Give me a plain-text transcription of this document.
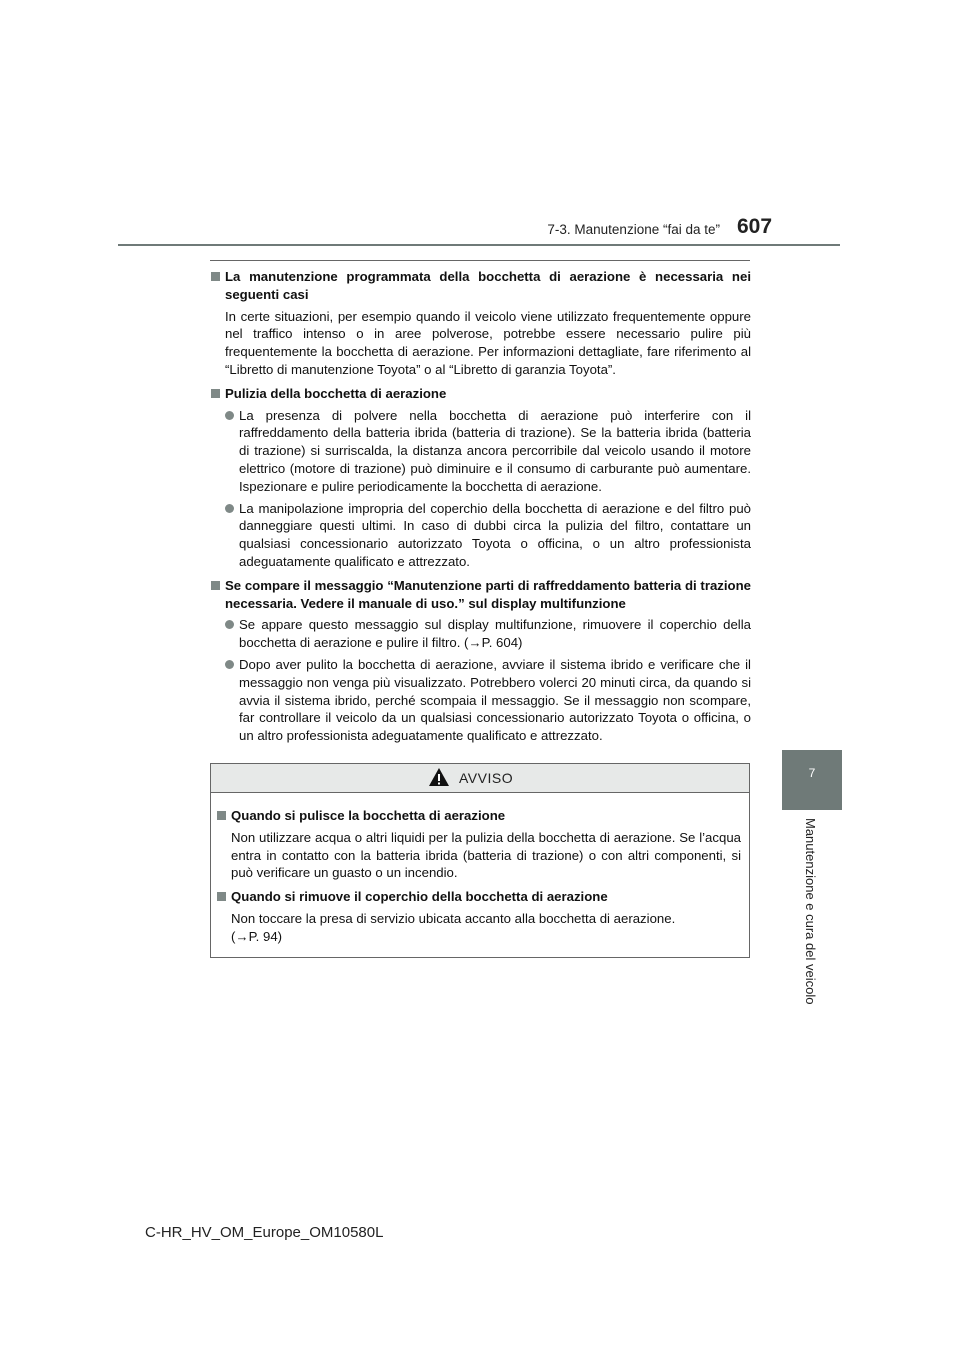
7-3. Manutenzione “fai da te” 607
7
Manutenzione e cura del veicolo
La manutenzione programmata della bocchetta di aerazione è necessaria nei seguenti casi
In certe situazioni, per esempio quando il veicolo viene utilizzato frequentemente oppure nel traffico intenso o in aree polverose, potrebbe essere necessario pulire più frequentemente la bocchetta di aerazione. Per informazioni dettagliate, fare riferimento al “Libretto di manutenzione Toyota” o al “Libretto di garanzia Toyota”.
Pulizia della bocchetta di aerazione
La presenza di polvere nella bocchetta di aerazione può interferire con il raffreddamento della batteria ibrida (batteria di trazione). Se la batteria ibrida (batteria di trazione) si surriscalda, la distanza ancora percorribile dal veicolo usando il motore elettrico (motore di trazione) può diminuire e il consumo di carburante può aumentare. Ispezionare e pulire periodicamente la bocchetta di aerazione.
La manipolazione impropria del coperchio della bocchetta di aerazione e del filtro può danneggiare questi ultimi. In caso di dubbi circa la pulizia del filtro, contattare un qualsiasi concessionario autorizzato Toyota o officina, o un altro professionista adeguatamente qualificato e attrezzato.
Se compare il messaggio “Manutenzione parti di raffreddamento batteria di trazione necessaria. Vedere il manuale di uso.” sul display multifunzione
Se appare questo messaggio sul display multifunzione, rimuovere il coperchio della bocchetta di aerazione e pulire il filtro. (→P. 604)
Dopo aver pulito la bocchetta di aerazione, avviare il sistema ibrido e verificare che il messaggio non venga più visualizzato. Potrebbero volerci 20 minuti circa, da quando si avvia il sistema ibrido, perché scompaia il messaggio. Se il messaggio non scompare, far controllare il veicolo da un qualsiasi concessionario autorizzato Toyota o officina, o un altro professionista adeguatamente qualificato e attrezzato.
AVVISO
Quando si pulisce la bocchetta di aerazione
Non utilizzare acqua o altri liquidi per la pulizia della bocchetta di aerazione. Se l’acqua entra in contatto con la batteria ibrida (batteria di trazione) o con altri componenti, si può verificare un guasto o un incendio.
Quando si rimuove il coperchio della bocchetta di aerazione
Non toccare la presa di servizio ubicata accanto alla bocchetta di aerazione.
(→P. 94)
C-HR_HV_OM_Europe_OM10580L
